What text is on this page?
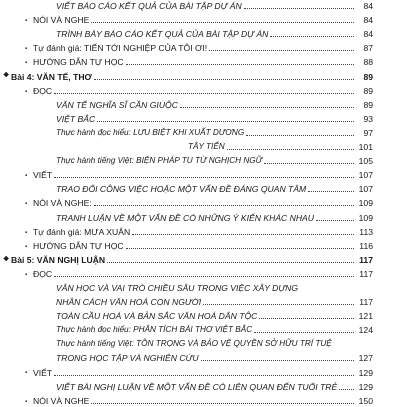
VIẾT BÁO CÁO KẾT QUẢ CỦA BÀI TẬP DỰ ÁN	84
▪ NÓI VÀ NGHE	84
TRÌNH BÀY BÁO CÁO KẾT QUẢ CỦA BÀI TẬP DỰ ÁN	84
▪ Tự đánh giá: TIẾN TỚI NGHIỆP CỦA TÔI ƠI!	87
▪ HƯỚNG DẪN TỰ HỌC	88
❖ Bài 4: VĂN TẾ, THƠ	89
▪ ĐỌC	89
VĂN TẾ NGHĨA SĨ CẦN GIUỘC	89
VIỆT BẮC	93
Thực hành đọc hiểu: LƯU BIỆT KHI XUẤT DƯƠNG	97
TÂY TIẾN	101
Thực hành tiếng Việt: BIỆN PHÁP TU TỪ NGHỊCH NGỮ	105
▪ VIẾT	107
TRAO ĐỔI CÔNG VIỆC HOẶC MỘT VẤN ĐỀ ĐÁNG QUAN TÂM	107
▪ NÓI VÀ NGHE:	109
TRANH LUẬN VỀ MỘT VẤN ĐỀ CÓ NHỮNG Ý KIẾN KHÁC NHAU	109
▪ Tự đánh giá: MƯA XUÂN	113
▪ HƯỚNG DẪN TỰ HỌC	116
❖ Bài 5: VĂN NGHỊ LUẬN	117
▪ ĐỌC	117
VĂN HỌC VÀ VAI TRÒ CHIỀU SÂU TRONG VIỆC XÂY DỰNG
NHÂN CÁCH VĂN HOÁ CON NGƯỜI	117
TOÀN CẦU HOÁ VÀ BẢN SẮC VĂN HOÁ DÂN TỘC	121
Thực hành đọc hiểu: PHÂN TÍCH BÀI THƠ VIỆT BẮC	124
Thực hành tiếng Việt: TÔN TRỌNG VÀ BẢO VỆ QUYỀN SỞ HỮU TRÍ TUỆ
TRONG HỌC TẬP VÀ NGHIÊN CỨU	127
▪ VIẾT	129
VIẾT BÀI NGHỊ LUẬN VỀ MỘT VẤN ĐỀ CÓ LIÊN QUAN ĐẾN TUỔI TRẺ	129
▪ NÓI VÀ NGHE	150
